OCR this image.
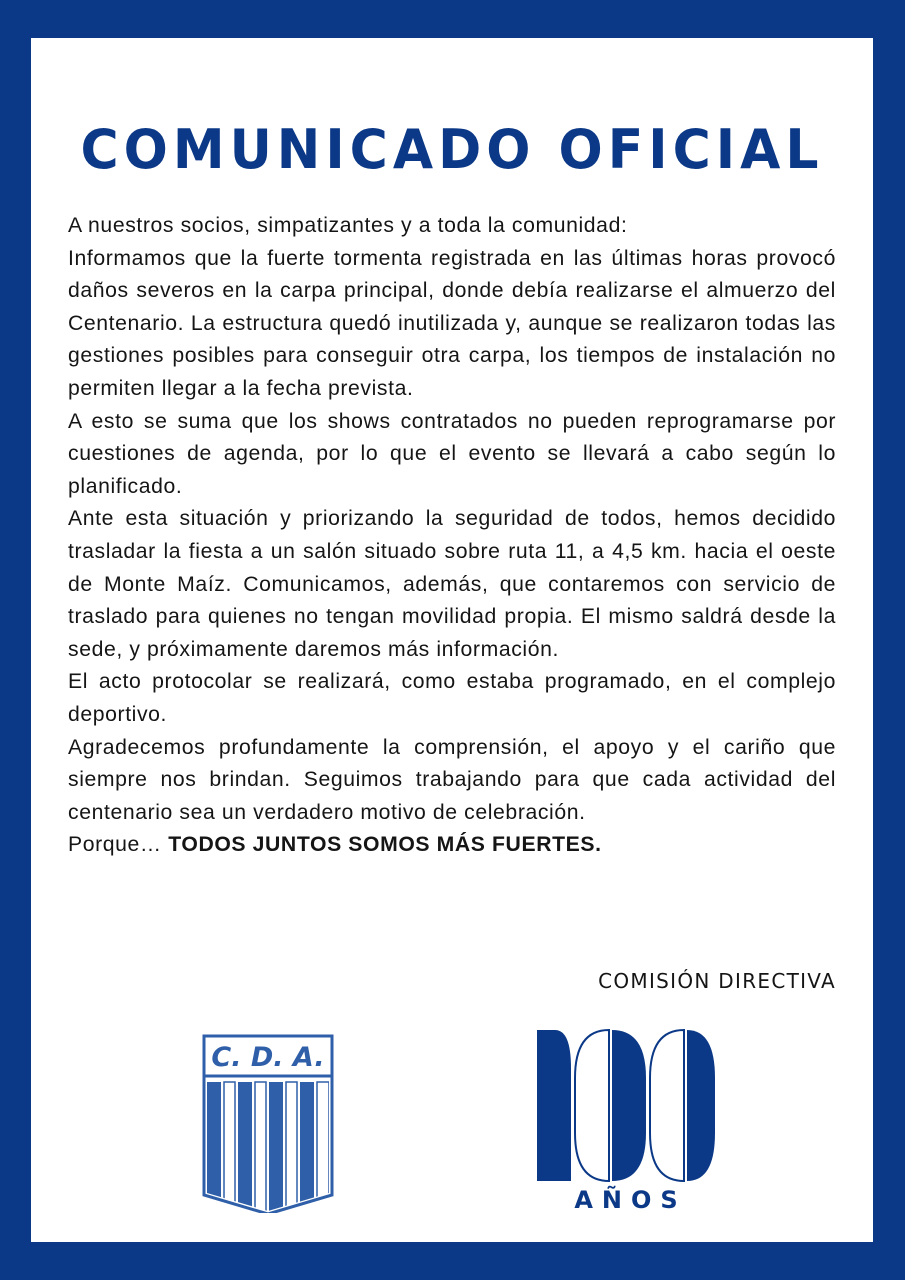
COMUNICADO OFICIAL

A nuestros socios, simpatizantes y a toda la comunidad:

Informamos que la fuerte tormenta registrada en las últimas horas provocó daños severos en la carpa principal, donde debía realizarse el almuerzo del Centenario. La estructura quedó inutilizada y, aunque se realizaron todas las gestiones posibles para conseguir otra carpa, los tiempos de instalación no permiten llegar a la fecha prevista.

A esto se suma que los shows contratados no pueden reprogramarse por cuestiones de agenda, por lo que el evento se llevará a cabo según lo planificado.

Ante esta situación y priorizando la seguridad de todos, hemos decidido trasladar la fiesta a un salón situado sobre ruta 11, a 4,5 km. hacia el oeste de Monte Maíz. Comunicamos, además, que contaremos con servicio de traslado para quienes no tengan movilidad propia. El mismo saldrá desde la sede, y próximamente daremos más información.

El acto protocolar se realizará, como estaba programado, en el complejo deportivo.

Agradecemos profundamente la comprensión, el apoyo y el cariño que siempre nos brindan. Seguimos trabajando para que cada actividad del centenario sea un verdadero motivo de celebración.

Porque… TODOS JUNTOS SOMOS MÁS FUERTES.

COMISIÓN DIRECTIVA
C. D. A.
AÑOS
